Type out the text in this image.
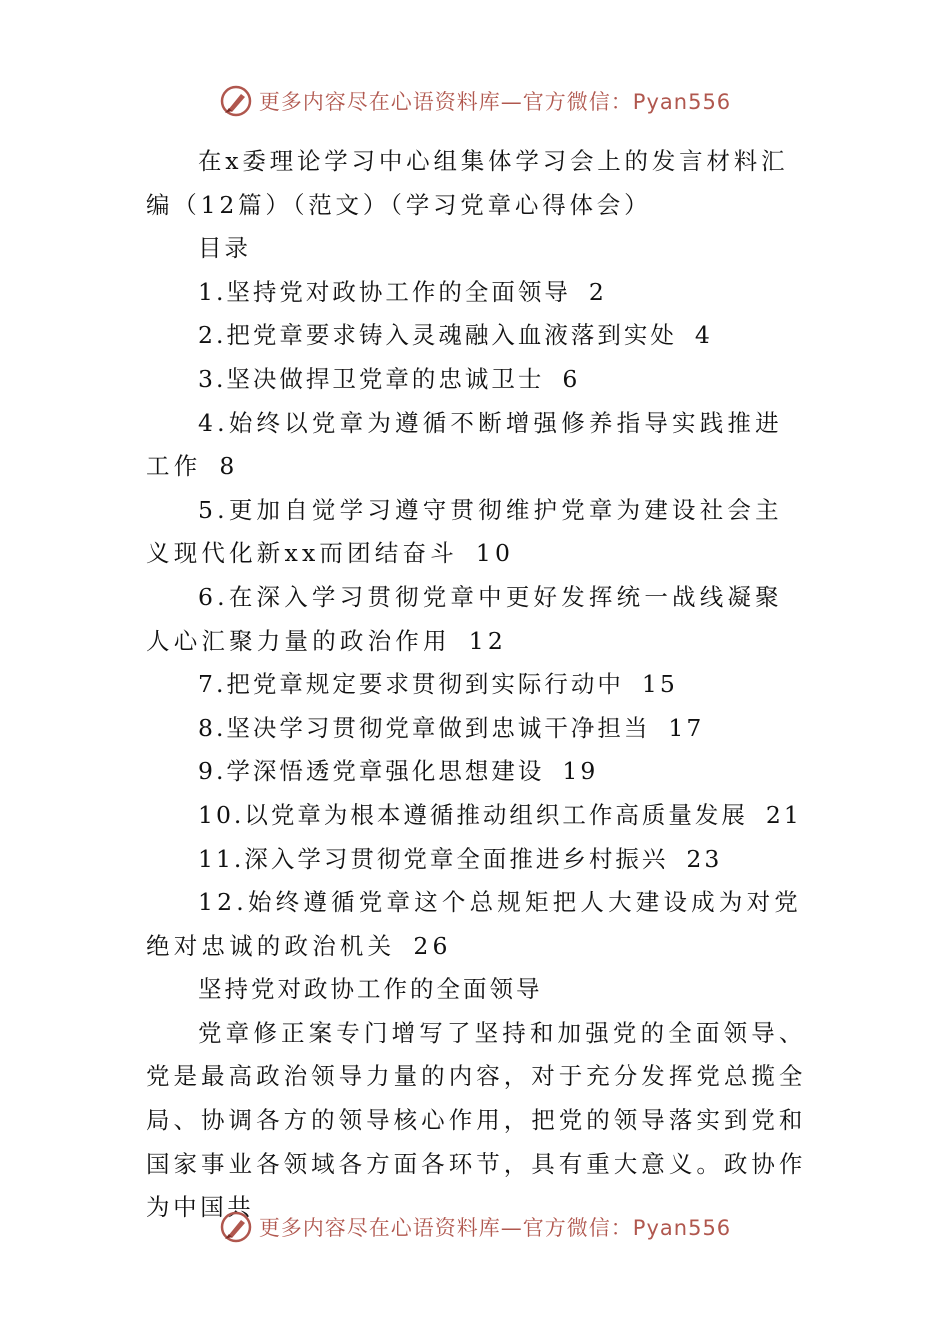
更多内容尽在心语资料库—官方微信：Pyan556

在x委理论学习中心组集体学习会上的发言材料汇编（12篇）（范文）（学习党章心得体会）

目录

1.坚持党对政协工作的全面领导 2

2.把党章要求铸入灵魂融入血液落到实处 4

3.坚决做捍卫党章的忠诚卫士 6

4.始终以党章为遵循不断增强修养指导实践推进工作 8

5.更加自觉学习遵守贯彻维护党章为建设社会主义现代化新xx而团结奋斗 10

6.在深入学习贯彻党章中更好发挥统一战线凝聚人心汇聚力量的政治作用 12

7.把党章规定要求贯彻到实际行动中 15

8.坚决学习贯彻党章做到忠诚干净担当 17

9.学深悟透党章强化思想建设 19

10.以党章为根本遵循推动组织工作高质量发展 21

11.深入学习贯彻党章全面推进乡村振兴 23

12.始终遵循党章这个总规矩把人大建设成为对党绝对忠诚的政治机关 26

坚持党对政协工作的全面领导

党章修正案专门增写了坚持和加强党的全面领导、党是最高政治领导力量的内容，对于充分发挥党总揽全局、协调各方的领导核心作用，把党的领导落实到党和国家事业各领域各方面各环节，具有重大意义。政协作为中国共

更多内容尽在心语资料库—官方微信：Pyan556
